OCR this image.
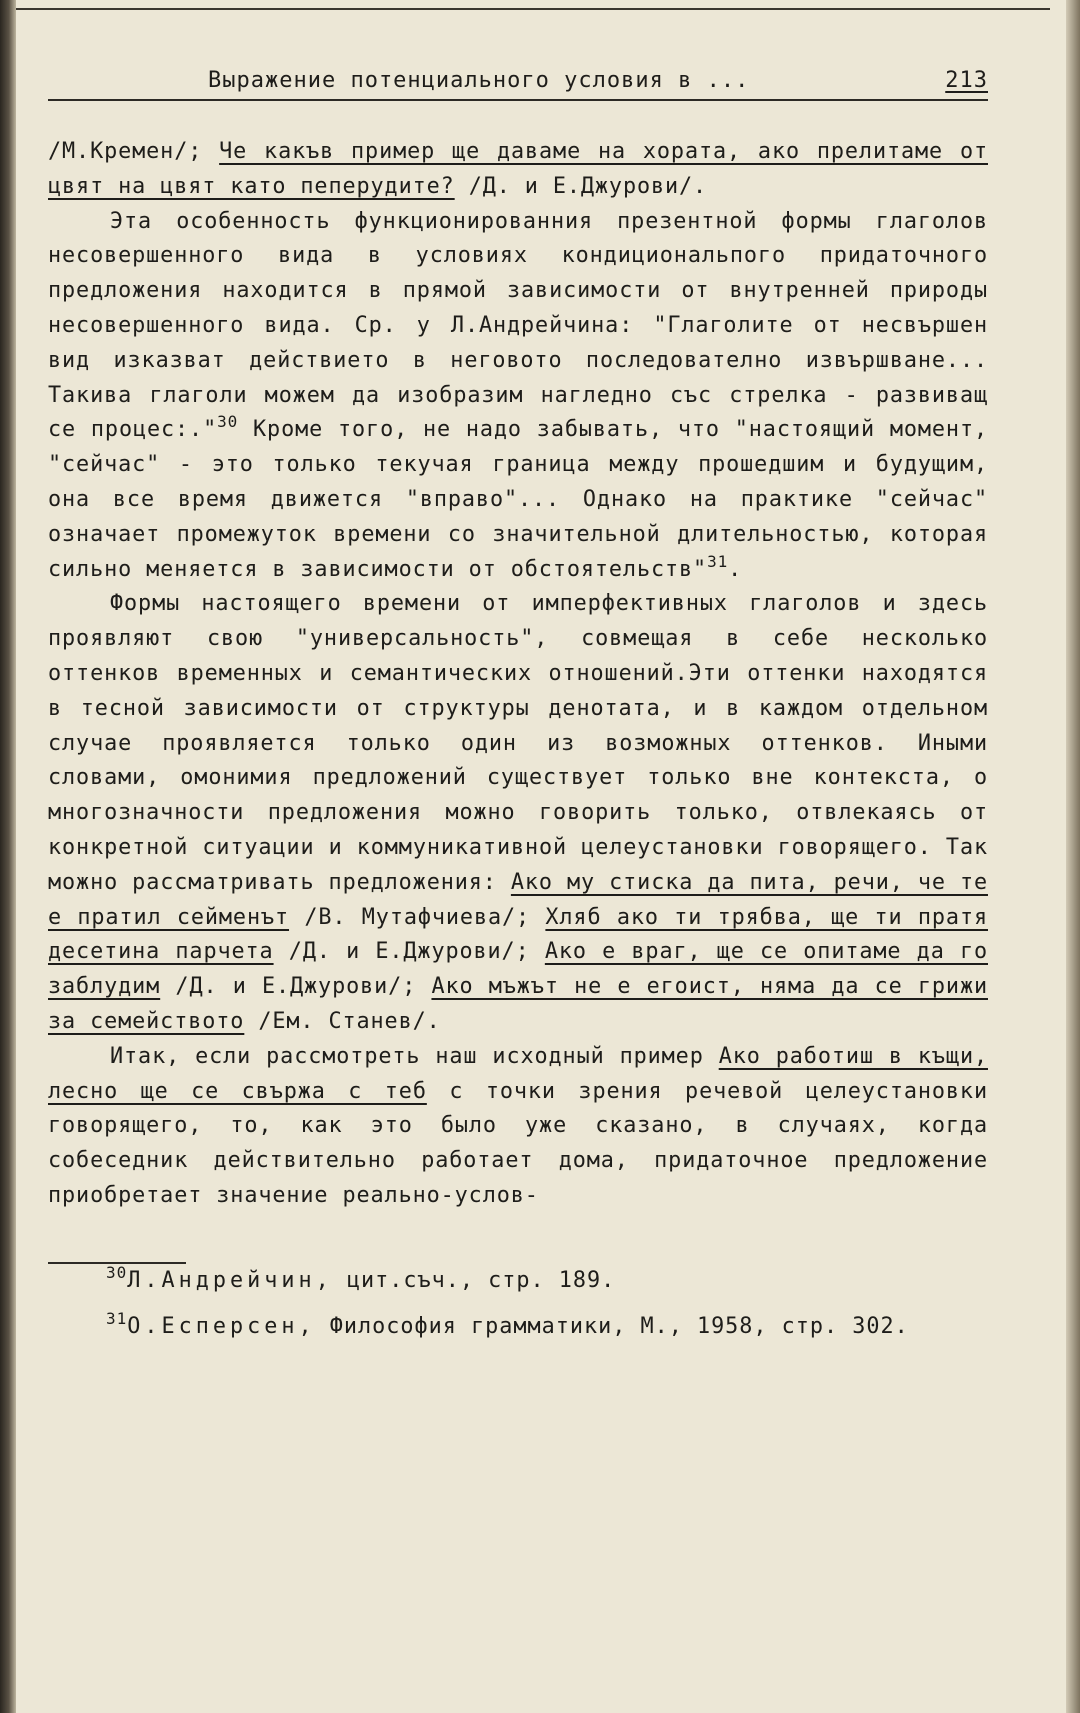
Выражение потенциального условия в ...	213

/М.Кремен/; Че какъв пример ще даваме на хората, ако прелитаме от цвят на цвят като пеперудите? /Д. и Е.Джурови/.

Эта особенность функционированния презентной формы глаголов несовершенного вида в условиях кондициональпого придаточного предложения находится в прямой зависимости от внутренней природы несовершенного вида. Ср. у Л.Андрейчина: "Глаголите от несвършен вид изказват действието в неговото последователно извършване... Такива глаголи можем да изобразим нагледно със стрелка - развиващ се процес:."$^{30}$ Кроме того, не надо забывать, что "настоящий момент, "сейчас" - это только текучая граница между прошедшим и будущим, она все время движется "вправо"... Однако на практике "сейчас" означает промежуток времени со значительной длительностью, которая сильно меняется в зависимости от обстоятельств"$^{31}$.

Формы настоящего времени от имперфективных глаголов и здесь проявляют свою "универсальность", совмещая в себе несколько оттенков временных и семантических отношений.Эти оттенки находятся в тесной зависимости от структуры денотата, и в каждом отдельном случае проявляется только один из возможных оттенков. Иными словами, омонимия предложений существует только вне контекста, о многозначности предложения можно говорить только, отвлекаясь от конкретной ситуации и коммуникативной целеустановки говорящего. Так можно рассматривать предложения: Ако му стиска да пита, речи, че те е пратил сейменът /В. Мутафчиева/; Хляб ако ти трябва, ще ти пратя десетина парчета /Д. и Е.Джурови/; Ако е враг, ще се опитаме да го заблудим /Д. и Е.Джурови/; Ако мъжът не е егоист, няма да се грижи за семейството /Ем. Станев/.

Итак, если рассмотреть наш исходный пример Ако работиш в къщи, лесно ще се свържа с теб с точки зрения речевой целеустановки говорящего, то, как это было уже сказано, в случаях, когда собеседник действительно работает дома, придаточное предложение приобретает значение реально-услов-

$^{30}$Л.Андрейчин, цит.съч., стр. 189.

$^{31}$О.Есперсен, Философия грамматики, М., 1958, стр. 302.
